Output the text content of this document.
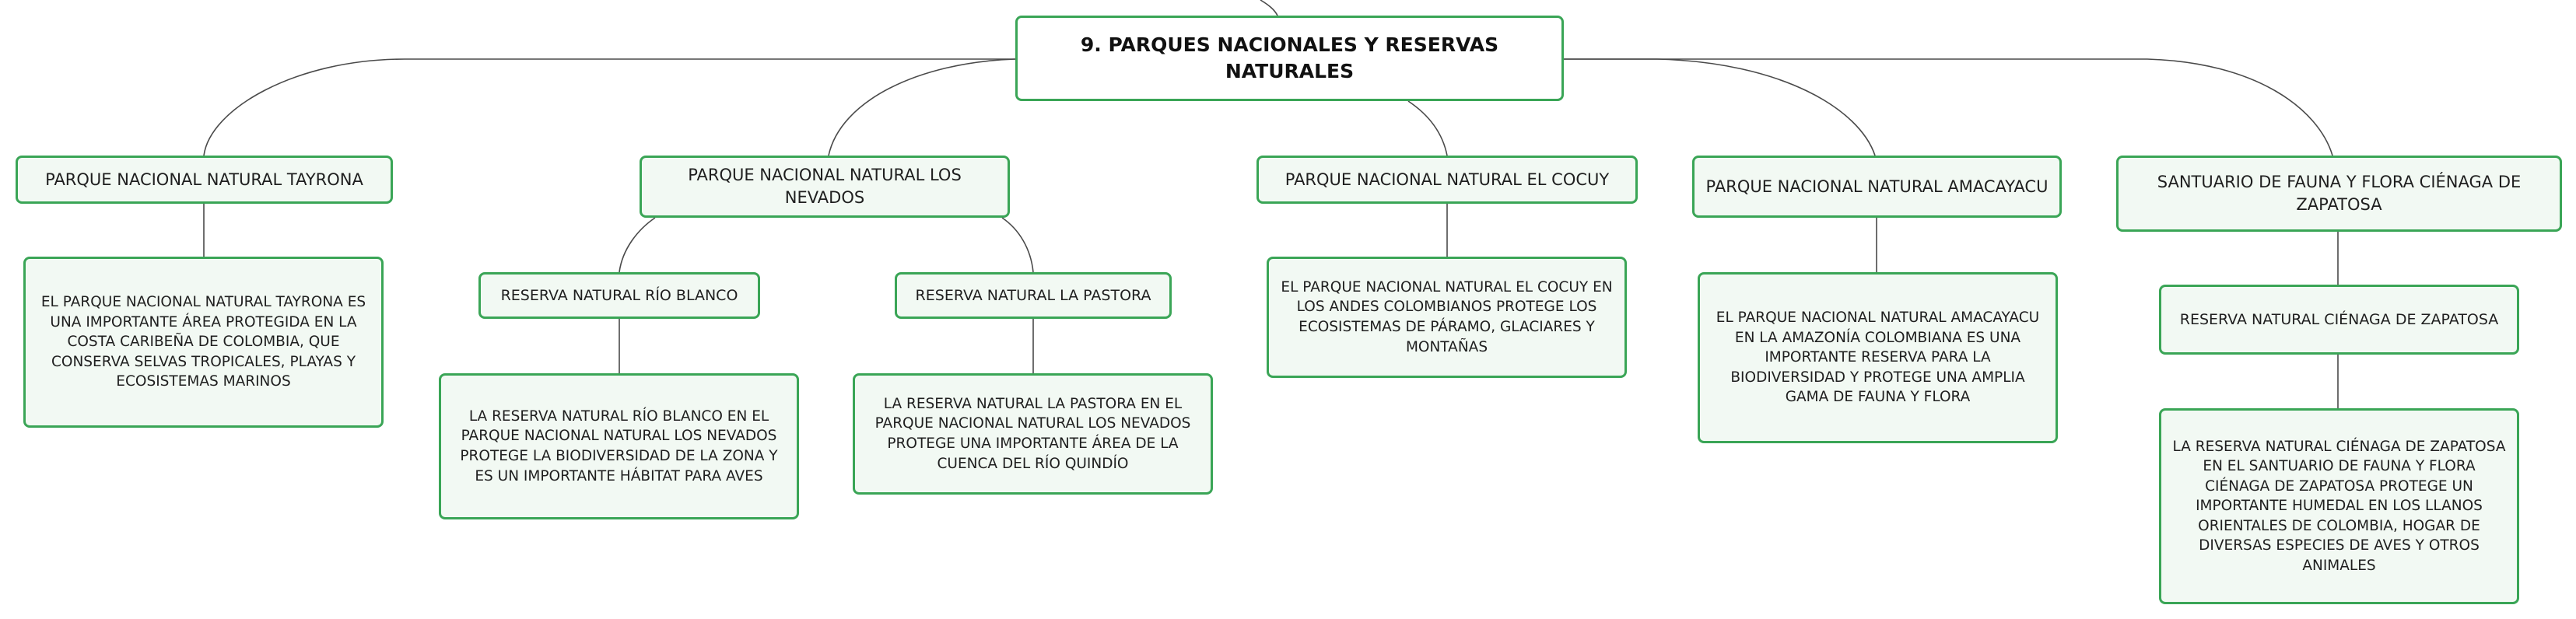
9. PARQUES NACIONALES Y RESERVAS NATURALES
PARQUE NACIONAL NATURAL TAYRONA
EL PARQUE NACIONAL NATURAL TAYRONA ES UNA IMPORTANTE ÁREA PROTEGIDA EN LA COSTA CARIBEÑA DE COLOMBIA, QUE CONSERVA SELVAS TROPICALES, PLAYAS Y ECOSISTEMAS MARINOS
PARQUE NACIONAL NATURAL LOS NEVADOS
RESERVA NATURAL RÍO BLANCO
LA RESERVA NATURAL RÍO BLANCO EN EL PARQUE NACIONAL NATURAL LOS NEVADOS PROTEGE LA BIODIVERSIDAD DE LA ZONA Y ES UN IMPORTANTE HÁBITAT PARA AVES
RESERVA NATURAL LA PASTORA
LA RESERVA NATURAL LA PASTORA EN EL PARQUE NACIONAL NATURAL LOS NEVADOS PROTEGE UNA IMPORTANTE ÁREA DE LA CUENCA DEL RÍO QUINDÍO
PARQUE NACIONAL NATURAL EL COCUY
EL PARQUE NACIONAL NATURAL EL COCUY EN LOS ANDES COLOMBIANOS PROTEGE LOS ECOSISTEMAS DE PÁRAMO, GLACIARES Y MONTAÑAS
PARQUE NACIONAL NATURAL AMACAYACU
EL PARQUE NACIONAL NATURAL AMACAYACU EN LA AMAZONÍA COLOMBIANA ES UNA IMPORTANTE RESERVA PARA LA BIODIVERSIDAD Y PROTEGE UNA AMPLIA GAMA DE FAUNA Y FLORA
SANTUARIO DE FAUNA Y FLORA CIÉNAGA DE ZAPATOSA
RESERVA NATURAL CIÉNAGA DE ZAPATOSA
LA RESERVA NATURAL CIÉNAGA DE ZAPATOSA EN EL SANTUARIO DE FAUNA Y FLORA CIÉNAGA DE ZAPATOSA PROTEGE UN IMPORTANTE HUMEDAL EN LOS LLANOS ORIENTALES DE COLOMBIA, HOGAR DE DIVERSAS ESPECIES DE AVES Y OTROS ANIMALES
